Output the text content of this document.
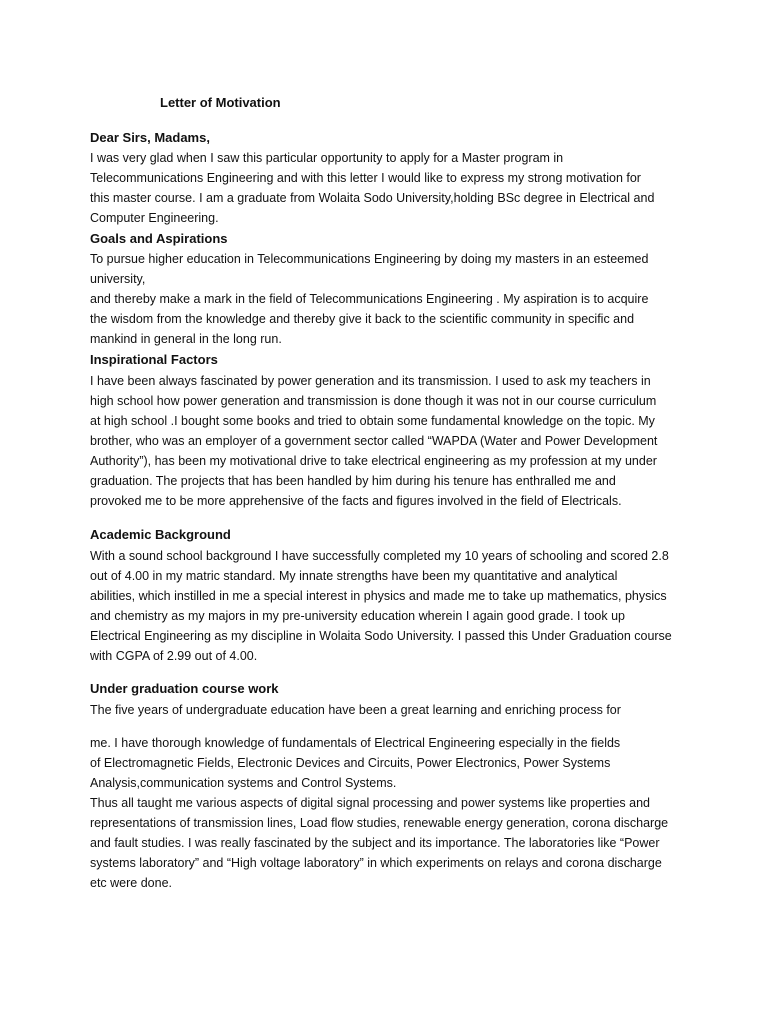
Letter of Motivation
Dear Sirs, Madams,
I was very glad when I saw this particular opportunity to apply for a Master program in
Telecommunications Engineering and with this letter I would like to express my strong motivation for
this master course. I am a graduate from Wolaita Sodo University,holding BSc degree in Electrical and
Computer Engineering.
Goals and Aspirations
To pursue higher education in Telecommunications Engineering by doing my masters in an esteemed
university,
and thereby make a mark in the field of Telecommunications Engineering . My aspiration is to acquire
the wisdom from the knowledge and thereby give it back to the scientific community in specific and
mankind in general in the long run.
Inspirational Factors
I have been always fascinated by power generation and its transmission. I used to ask my teachers in
high school how power generation and transmission is done though it was not in our course curriculum
at high school .I bought some books and tried to obtain some fundamental knowledge on the topic. My
brother, who was an employer of a government sector called “WAPDA (Water and Power Development
Authority”), has been my motivational drive to take electrical engineering as my profession at my under
graduation. The projects that has been handled by him during his tenure has enthralled me and
provoked me to be more apprehensive of the facts and figures involved in the field of Electricals.
Academic Background
With a sound school background I have successfully completed my 10 years of schooling and scored 2.8
out of 4.00 in my matric standard. My innate strengths have been my quantitative and analytical
abilities, which instilled in me a special interest in physics and made me to take up mathematics, physics
and chemistry as my majors in my pre-university education wherein I again good grade. I took up
Electrical Engineering as my discipline in Wolaita Sodo University. I passed this Under Graduation course
with CGPA of 2.99 out of 4.00.
Under graduation course work
The five years of undergraduate education have been a great learning and enriching process for
me. I have thorough knowledge of fundamentals of Electrical Engineering especially in the fields
of Electromagnetic Fields, Electronic Devices and Circuits, Power Electronics, Power Systems
Analysis,communication systems and Control Systems.
Thus all taught me various aspects of digital signal processing and power systems like properties and
representations of transmission lines, Load flow studies, renewable energy generation, corona discharge
and fault studies. I was really fascinated by the subject and its importance. The laboratories like “Power
systems laboratory” and “High voltage laboratory” in which experiments on relays and corona discharge
etc were done.
